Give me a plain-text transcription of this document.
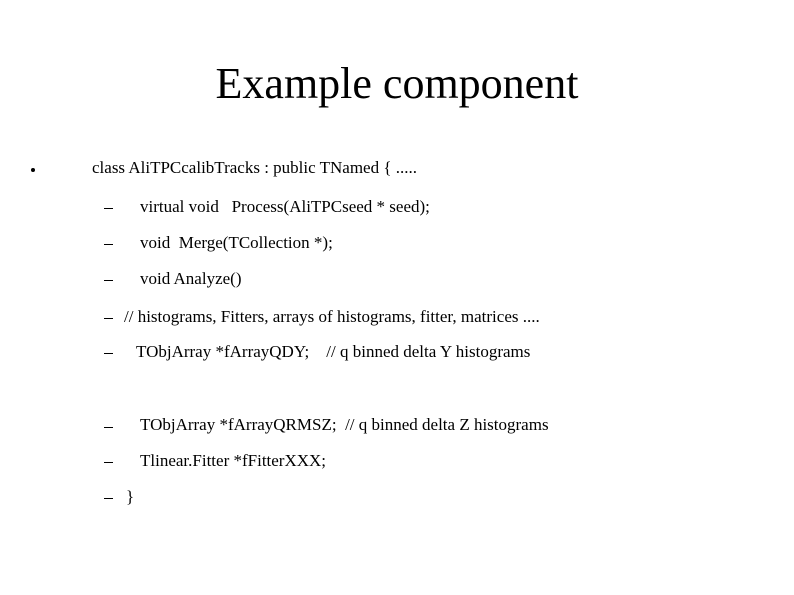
Example component
class AliTPCcalibTracks : public TNamed { .....
virtual void   Process(AliTPCseed * seed);
void  Merge(TCollection *);
void Analyze()
// histograms, Fitters, arrays of histograms, fitter, matrices ....
TObjArray *fArrayQDY;    // q binned delta Y histograms
TObjArray *fArrayQRMSZ;  // q binned delta Z histograms
Tlinear.Fitter *fFitterXXX;
}
